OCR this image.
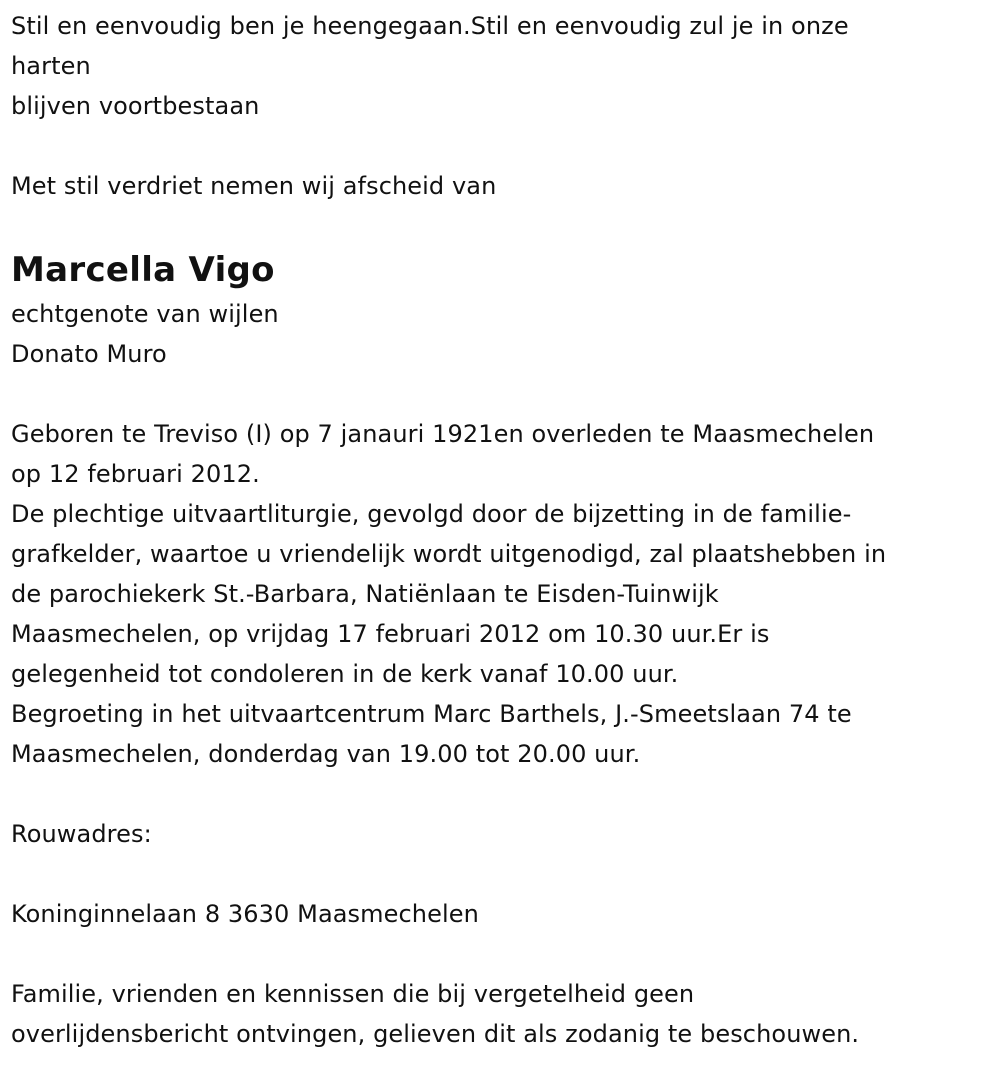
Stil en eenvoudig ben je heengegaan.Stil en eenvoudig zul je in onze
harten
blijven voortbestaan
Met stil verdriet nemen wij afscheid van
Marcella Vigo
echtgenote van wijlen
Donato Muro
Geboren te Treviso (I) op 7 janauri 1921en overleden te Maasmechelen
op 12 februari 2012.
De plechtige uitvaartliturgie, gevolgd door de bijzetting in de familie-
grafkelder, waartoe u vriendelijk wordt uitgenodigd, zal plaatshebben in
de parochiekerk St.-Barbara, Natiënlaan te Eisden-Tuinwijk
Maasmechelen, op vrijdag 17 februari 2012 om 10.30 uur.Er is
gelegenheid tot condoleren in de kerk vanaf 10.00 uur.
Begroeting in het uitvaartcentrum Marc Barthels, J.-Smeetslaan 74 te
Maasmechelen, donderdag van 19.00 tot 20.00 uur.
Rouwadres:
Koninginnelaan 8 3630 Maasmechelen
Familie, vrienden en kennissen die bij vergetelheid geen
overlijdensbericht ontvingen, gelieven dit als zodanig te beschouwen.
